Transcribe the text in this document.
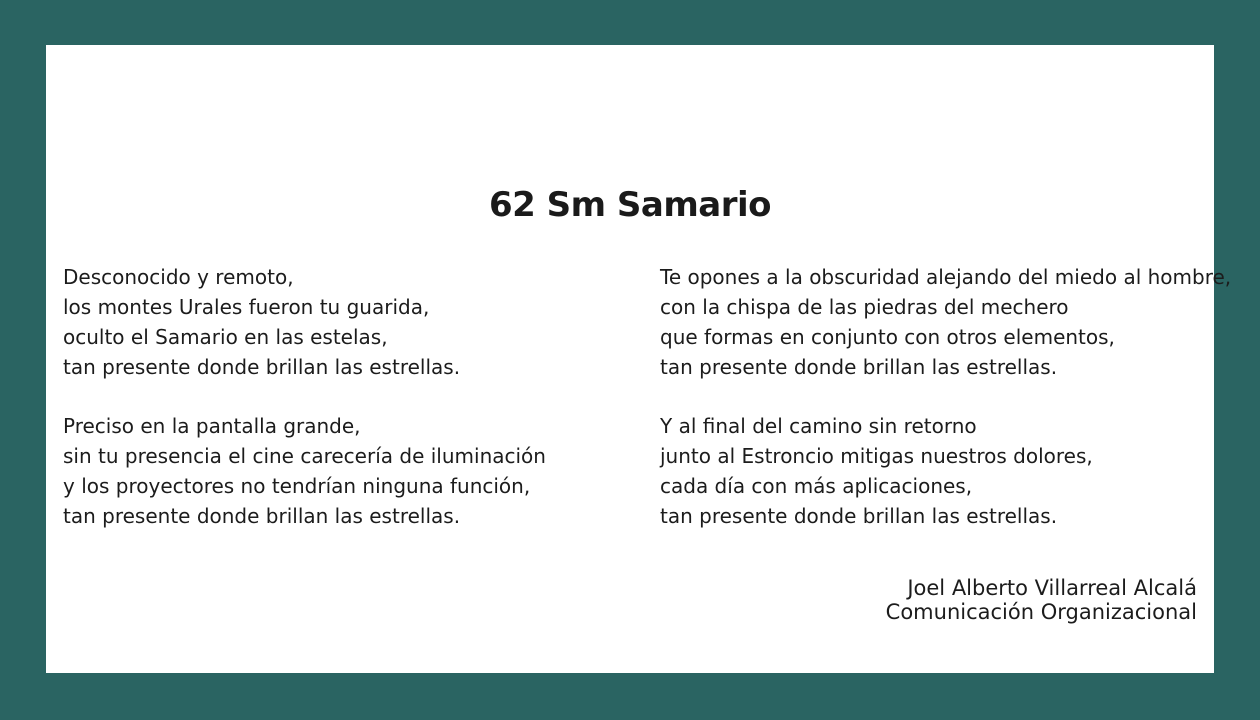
62 Sm Samario
Desconocido y remoto,
los montes Urales fueron tu guarida,
oculto el Samario en las estelas,
tan presente donde brillan las estrellas.
Preciso en la pantalla grande,
sin tu presencia el cine carecería de iluminación
y los proyectores no tendrían ninguna función,
tan presente donde brillan las estrellas.
Te opones a la obscuridad alejando del miedo al hombre,
con la chispa de las piedras del mechero
que formas en conjunto con otros elementos,
tan presente donde brillan las estrellas.
Y al final del camino sin retorno
junto al Estroncio mitigas nuestros dolores,
cada día con más aplicaciones,
tan presente donde brillan las estrellas.
Joel Alberto Villarreal Alcalá
Comunicación Organizacional
